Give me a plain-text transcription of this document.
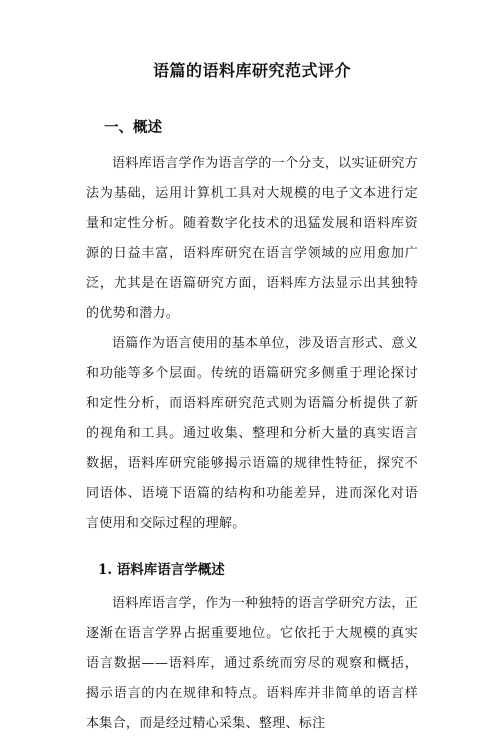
语篇的语料库研究范式评介
一、概述

语料库语言学作为语言学的一个分支，以实证研究方法为基础，运用计算机工具对大规模的电子文本进行定量和定性分析。随着数字化技术的迅猛发展和语料库资源的日益丰富，语料库研究在语言学领域的应用愈加广泛，尤其是在语篇研究方面，语料库方法显示出其独特的优势和潜力。

语篇作为语言使用的基本单位，涉及语言形式、意义和功能等多个层面。传统的语篇研究多侧重于理论探讨和定性分析，而语料库研究范式则为语篇分析提供了新的视角和工具。通过收集、整理和分析大量的真实语言数据，语料库研究能够揭示语篇的规律性特征，探究不同语体、语境下语篇的结构和功能差异，进而深化对语言使用和交际过程的理解。

1. 语料库语言学概述

语料库语言学，作为一种独特的语言学研究方法，正逐渐在语言学界占据重要地位。它依托于大规模的真实语言数据——语料库，通过系统而穷尽的观察和概括，揭示语言的内在规律和特点。语料库并非简单的语言样本集合，而是经过精心采集、整理、标注
